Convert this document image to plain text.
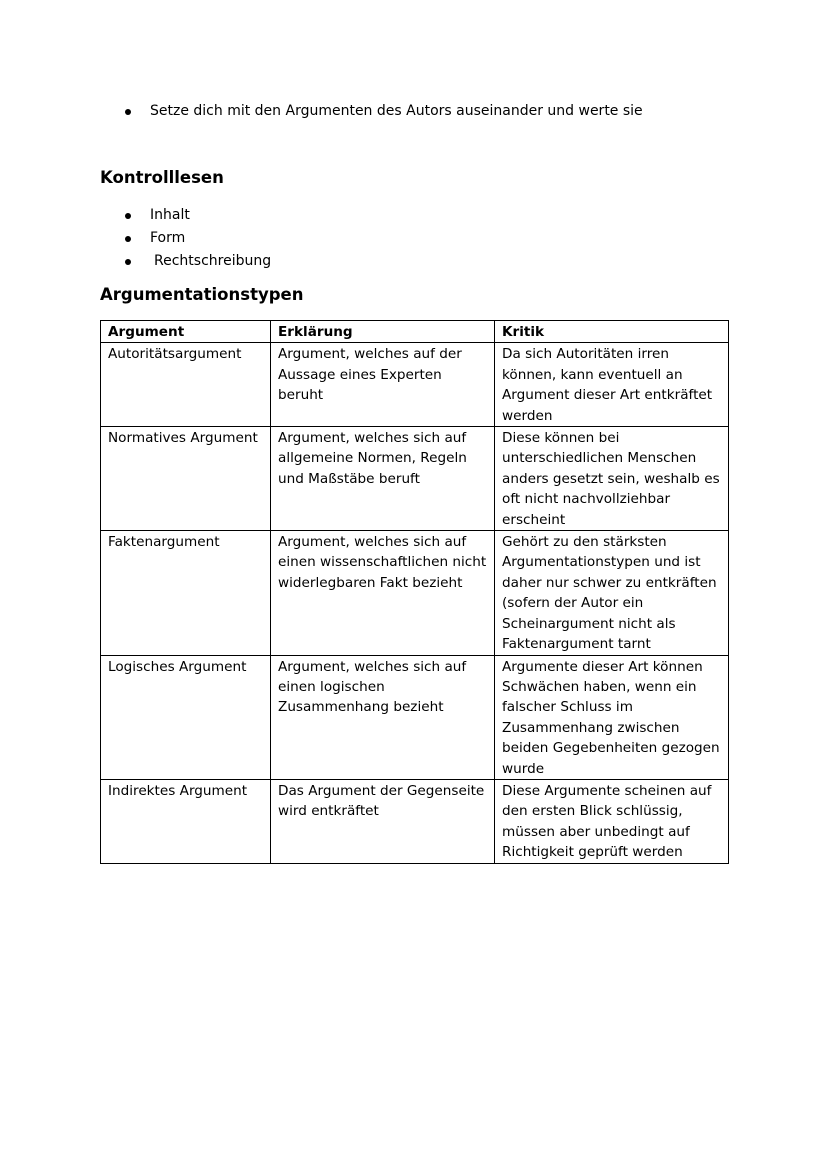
Setze dich mit den Argumenten des Autors auseinander und werte sie
Kontrolllesen
Inhalt
Form
Rechtschreibung
Argumentationstypen
Argument	Erklärung	Kritik
Autoritätsargument	Argument, welches auf der Aussage eines Experten beruht	Da sich Autoritäten irren können, kann eventuell an Argument dieser Art entkräftet werden
Normatives Argument	Argument, welches sich auf allgemeine Normen, Regeln und Maßstäbe beruft	Diese können bei unterschiedlichen Menschen anders gesetzt sein, weshalb es oft nicht nachvollziehbar erscheint
Faktenargument	Argument, welches sich auf einen wissenschaftlichen nicht widerlegbaren Fakt bezieht	Gehört zu den stärksten Argumentationstypen und ist daher nur schwer zu entkräften (sofern der Autor ein Scheinargument nicht als Faktenargument tarnt
Logisches Argument	Argument, welches sich auf einen logischen Zusammenhang bezieht	Argumente dieser Art können Schwächen haben, wenn ein falscher Schluss im Zusammenhang zwischen beiden Gegebenheiten gezogen wurde
Indirektes Argument	Das Argument der Gegenseite wird entkräftet	Diese Argumente scheinen auf den ersten Blick schlüssig, müssen aber unbedingt auf Richtigkeit geprüft werden
